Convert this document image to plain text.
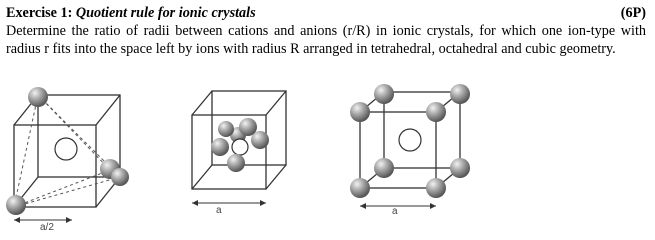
Exercise 1: Quotient rule for ionic crystals	(6P)
Determine the ratio of radii between cations and anions (r/R) in ionic crystals, for which one ion-type with radius r fits into the space left by ions with radius R arranged in tetrahedral, octahedral and cubic geometry.
a/2
a	a
